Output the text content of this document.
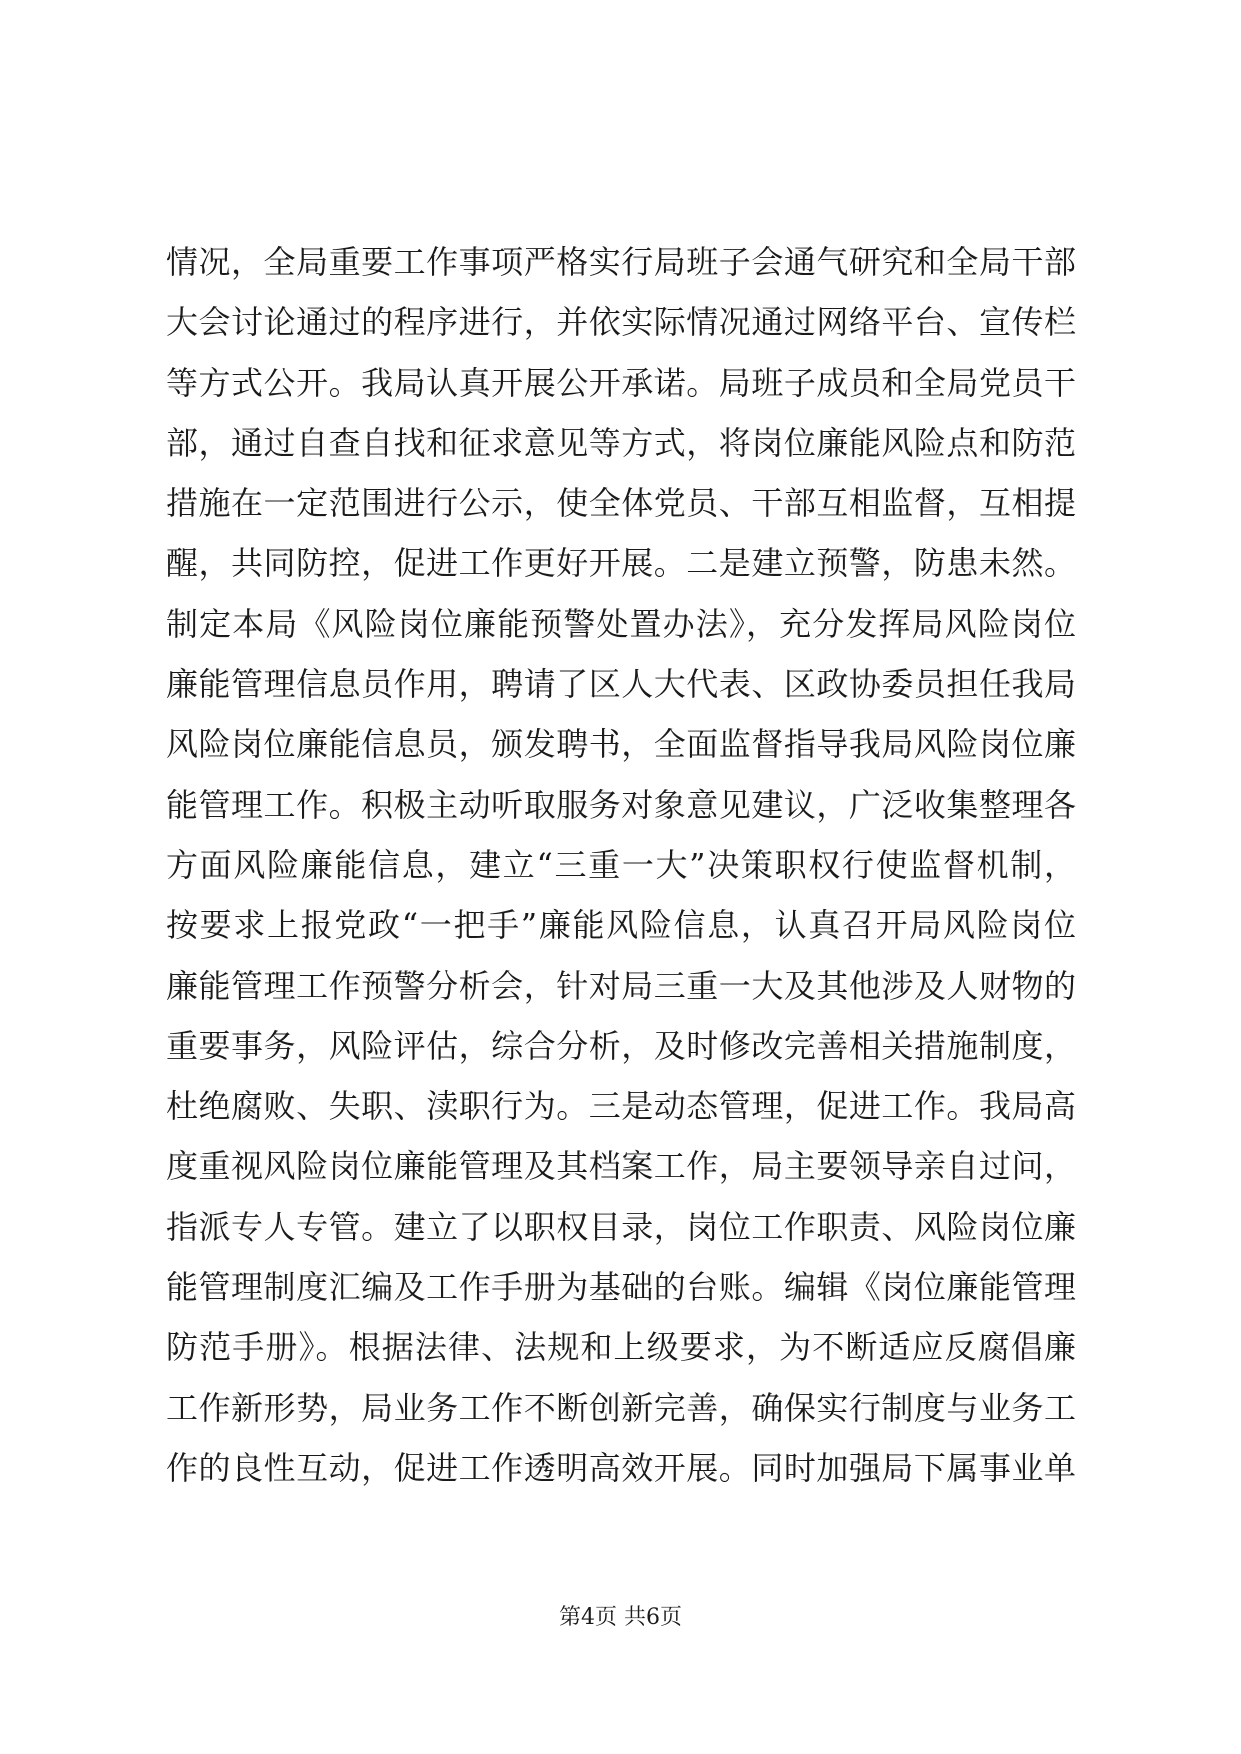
情况，全局重要工作事项严格实行局班子会通气研究和全局干部
大会讨论通过的程序进行，并依实际情况通过网络平台、宣传栏
等方式公开。我局认真开展公开承诺。局班子成员和全局党员干
部，通过自查自找和征求意见等方式，将岗位廉能风险点和防范
措施在一定范围进行公示，使全体党员、干部互相监督，互相提
醒，共同防控，促进工作更好开展。二是建立预警，防患未然。
制定本局《风险岗位廉能预警处置办法》，充分发挥局风险岗位
廉能管理信息员作用，聘请了区人大代表、区政协委员担任我局
风险岗位廉能信息员，颁发聘书，全面监督指导我局风险岗位廉
能管理工作。积极主动听取服务对象意见建议，广泛收集整理各
方面风险廉能信息，建立“三重一大”决策职权行使监督机制，
按要求上报党政“一把手”廉能风险信息，认真召开局风险岗位
廉能管理工作预警分析会，针对局三重一大及其他涉及人财物的
重要事务，风险评估，综合分析，及时修改完善相关措施制度，
杜绝腐败、失职、渎职行为。三是动态管理，促进工作。我局高
度重视风险岗位廉能管理及其档案工作，局主要领导亲自过问，
指派专人专管。建立了以职权目录，岗位工作职责、风险岗位廉
能管理制度汇编及工作手册为基础的台账。编辑《岗位廉能管理
防范手册》。根据法律、法规和上级要求，为不断适应反腐倡廉
工作新形势，局业务工作不断创新完善，确保实行制度与业务工
作的良性互动，促进工作透明高效开展。同时加强局下属事业单
第4页 共6页
